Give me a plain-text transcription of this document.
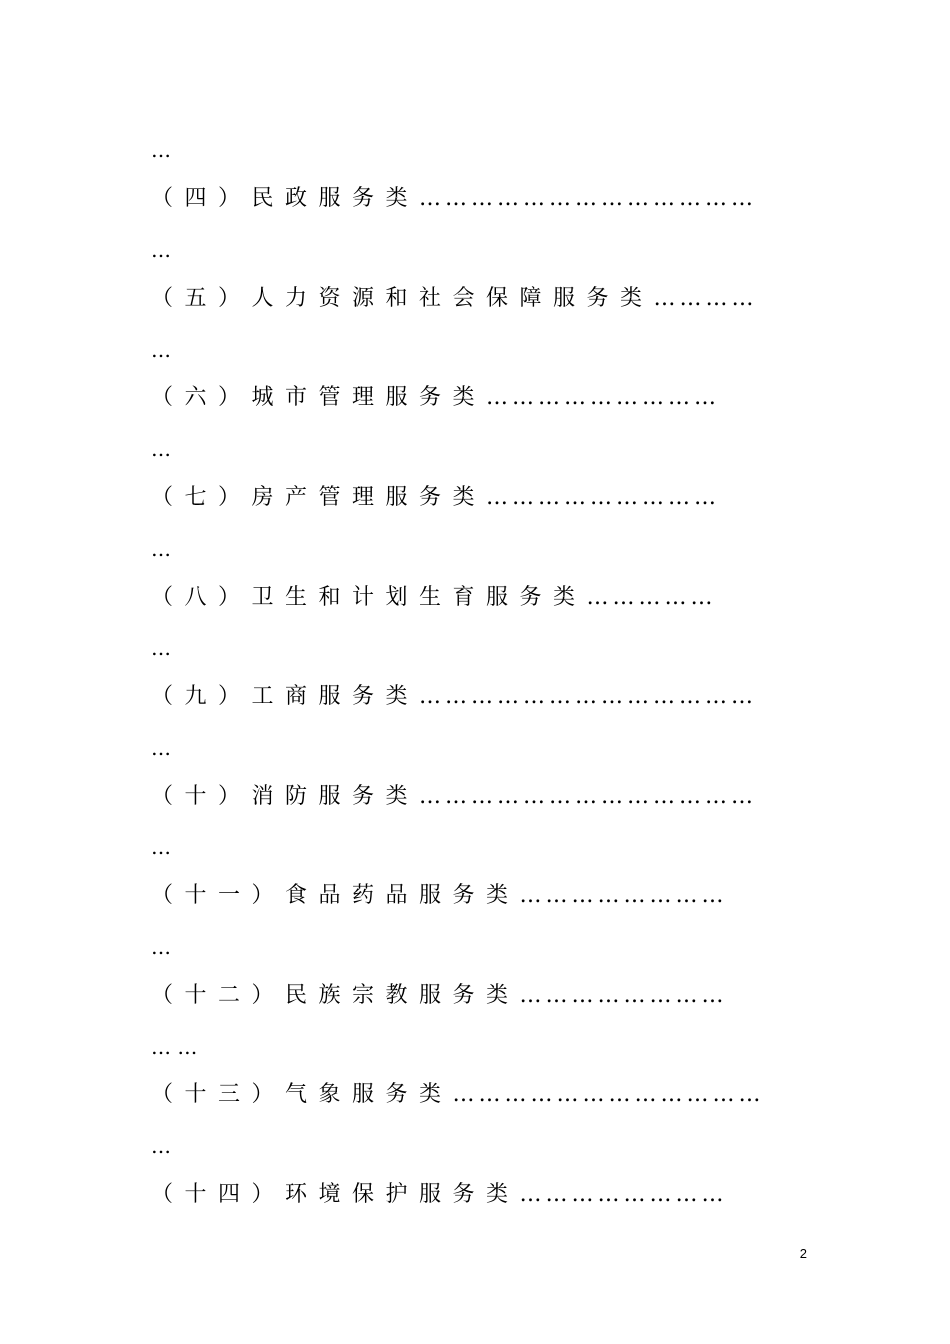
…
（四）民政服务类…………………………………
…
（五）人力资源和社会保障服务类…………
…
（六）城市管理服务类………………………
…
（七）房产管理服务类………………………
…
（八）卫生和计划生育服务类……………
…
（九）工商服务类…………………………………
…
（十）消防服务类…………………………………
…
（十一）食品药品服务类……………………
…
（十二）民族宗教服务类……………………
… …
（十三）气象服务类………………………………
…
（十四）环境保护服务类……………………
2
